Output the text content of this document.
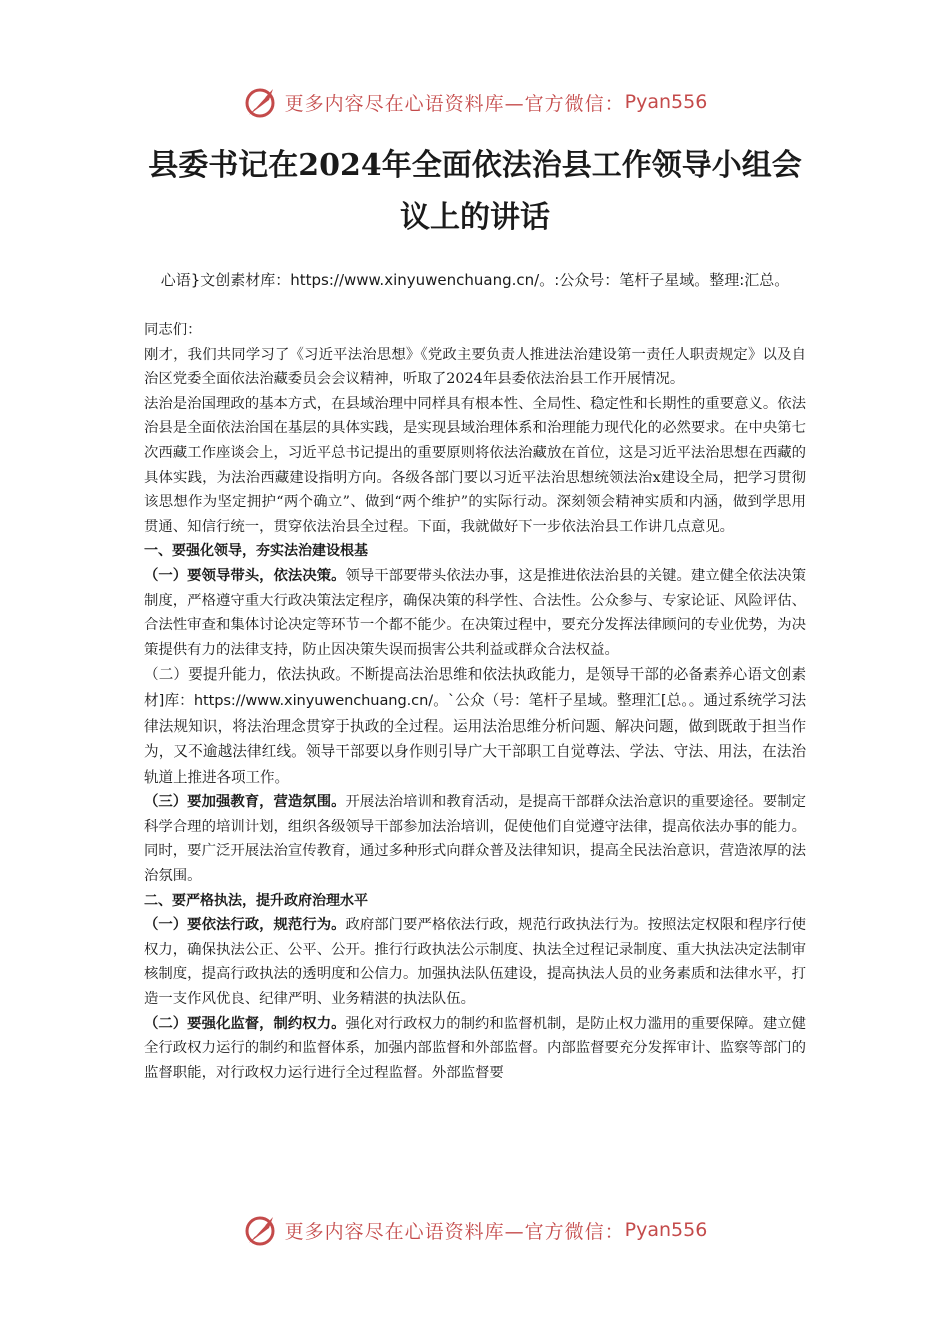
更多内容尽在心语资料库—官方微信： Pyan556
县委书记在2024年全面依法治县工作领导小组会议上的讲话

心语}文创素材库：https://www.xinyuwenchuang.cn/。:公众号：笔杆子星域。整理:汇总。

同志们：

刚才，我们共同学习了《习近平法治思想》《党政主要负责人推进法治建设第一责任人职责规定》以及自治区党委全面依法治藏委员会会议精神，听取了2024年县委依法治县工作开展情况。

法治是治国理政的基本方式，在县域治理中同样具有根本性、全局性、稳定性和长期性的重要意义。依法治县是全面依法治国在基层的具体实践，是实现县域治理体系和治理能力现代化的必然要求。在中央第七次西藏工作座谈会上，习近平总书记提出的重要原则将依法治藏放在首位，这是习近平法治思想在西藏的具体实践，为法治西藏建设指明方向。各级各部门要以习近平法治思想统领法治x建设全局，把学习贯彻该思想作为坚定拥护“两个确立”、做到“两个维护”的实际行动。深刻领会精神实质和内涵，做到学思用贯通、知信行统一，贯穿依法治县全过程。下面，我就做好下一步依法治县工作讲几点意见。

一、要强化领导，夯实法治建设根基

（一）要领导带头，依法决策。领导干部要带头依法办事，这是推进依法治县的关键。建立健全依法决策制度，严格遵守重大行政决策法定程序，确保决策的科学性、合法性。公众参与、专家论证、风险评估、合法性审查和集体讨论决定等环节一个都不能少。在决策过程中，要充分发挥法律顾问的专业优势，为决策提供有力的法律支持，防止因决策失误而损害公共利益或群众合法权益。

（二）要提升能力，依法执政。不断提高法治思维和依法执政能力，是领导干部的必备素养心语文创素材]库：https://www.xinyuwenchuang.cn/。`公众（号：笔杆子星域。整理汇[总。。通过系统学习法律法规知识，将法治理念贯穿于执政的全过程。运用法治思维分析问题、解决问题，做到既敢于担当作为，又不逾越法律红线。领导干部要以身作则引导广大干部职工自觉尊法、学法、守法、用法，在法治轨道上推进各项工作。

（三）要加强教育，营造氛围。开展法治培训和教育活动，是提高干部群众法治意识的重要途径。要制定科学合理的培训计划，组织各级领导干部参加法治培训，促使他们自觉遵守法律，提高依法办事的能力。同时，要广泛开展法治宣传教育，通过多种形式向群众普及法律知识，提高全民法治意识，营造浓厚的法治氛围。

二、要严格执法，提升政府治理水平

（一）要依法行政，规范行为。政府部门要严格依法行政，规范行政执法行为。按照法定权限和程序行使权力，确保执法公正、公平、公开。推行行政执法公示制度、执法全过程记录制度、重大执法决定法制审核制度，提高行政执法的透明度和公信力。加强执法队伍建设，提高执法人员的业务素质和法律水平，打造一支作风优良、纪律严明、业务精湛的执法队伍。

（二）要强化监督，制约权力。强化对行政权力的制约和监督机制，是防止权力滥用的重要保障。建立健全行政权力运行的制约和监督体系，加强内部监督和外部监督。内部监督要充分发挥审计、监察等部门的监督职能，对行政权力运行进行全过程监督。外部监督要

更多内容尽在心语资料库—官方微信： Pyan556
